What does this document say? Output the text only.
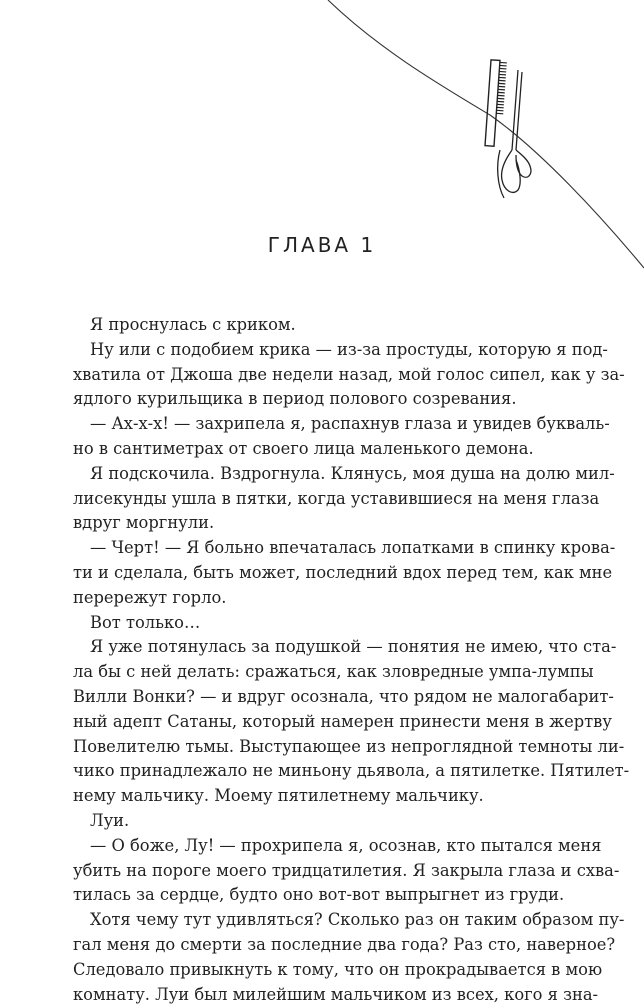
ГЛАВА 1
Я проснулась с криком.
Ну или с подобием крика — из-за простуды, которую я под-
хватила от Джоша две недели назад, мой голос сипел, как у за-
ядлого курильщика в период полового созревания.
— Ах-х-х! — захрипела я, распахнув глаза и увидев букваль-
но в сантиметрах от своего лица маленького демона.
Я подскочила. Вздрогнула. Клянусь, моя душа на долю мил-
лисекунды ушла в пятки, когда уставившиеся на меня глаза
вдруг моргнули.
— Черт! — Я больно впечаталась лопатками в спинку крова-
ти и сделала, быть может, последний вдох перед тем, как мне
перережут горло.
Вот только…
Я уже потянулась за подушкой — понятия не имею, что ста-
ла бы с ней делать: сражаться, как зловредные умпа-лумпы
Вилли Вонки? — и вдруг осознала, что рядом не малогабарит-
ный адепт Сатаны, который намерен принести меня в жертву
Повелителю тьмы. Выступающее из непроглядной темноты ли-
чико принадлежало не миньону дьявола, а пятилетке. Пятилет-
нему мальчику. Моему пятилетнему мальчику.
Луи.
— О боже, Лу! — прохрипела я, осознав, кто пытался меня
убить на пороге моего тридцатилетия. Я закрыла глаза и схва-
тилась за сердце, будто оно вот-вот выпрыгнет из груди.
Хотя чему тут удивляться? Сколько раз он таким образом пу-
гал меня до смерти за последние два года? Раз сто, наверное?
Следовало привыкнуть к тому, что он прокрадывается в мою
комнату. Луи был милейшим мальчиком из всех, кого я зна-
